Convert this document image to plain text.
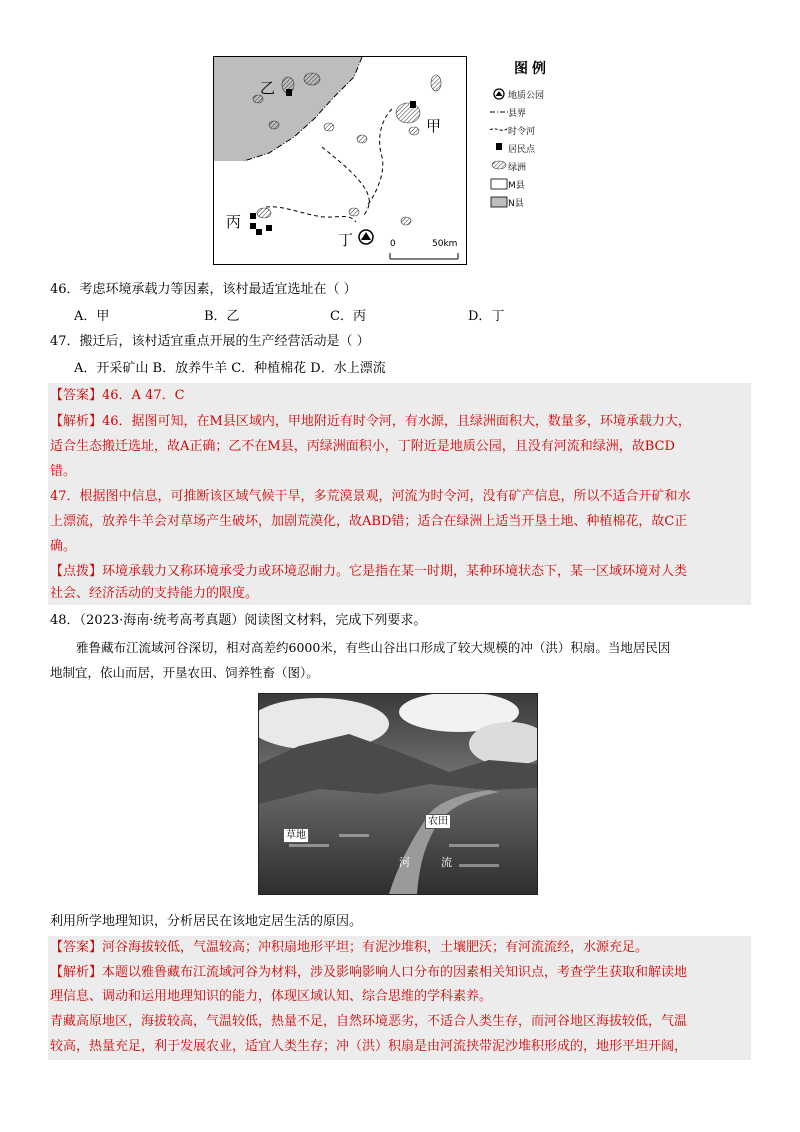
乙
甲
丙
丁	0	50km
图例
地质公园
县界
时令河
居民点
绿洲
M县
N县
46．考虑环境承载力等因素，该村最适宜选址在（ ）
A．甲	B．乙	C．丙	D．丁
47．搬迁后，该村适宜重点开展的生产经营活动是（ ）
A．开采矿山 B．放养牛羊 C．种植棉花 D．水上漂流
【答案】46．A 47．C
【解析】46．据图可知，在M县区域内，甲地附近有时令河，有水源，且绿洲面积大，数量多，环境承载力大，
适合生态搬迁选址，故A正确；乙不在M县，丙绿洲面积小，丁附近是地质公园，且没有河流和绿洲，故BCD
错。
47．根据图中信息，可推断该区域气候干旱，多荒漠景观，河流为时令河，没有矿产信息，所以不适合开矿和水
上漂流，放养牛羊会对草场产生破坏，加剧荒漠化，故ABD错；适合在绿洲上适当开垦土地、种植棉花，故C正
确。
【点拨】环境承载力又称环境承受力或环境忍耐力。它是指在某一时期，某种环境状态下，某一区域环境对人类
社会、经济活动的支持能力的限度。
48．（2023·海南·统考高考真题）阅读图文材料，完成下列要求。
雅鲁藏布江流域河谷深切，相对高差约6000米，有些山谷出口形成了较大规模的冲（洪）积扇。当地居民因
地制宜，依山而居，开垦农田、饲养牲畜（图）。
农田
草地
河	流
利用所学地理知识，分析居民在该地定居生活的原因。
【答案】河谷海拔较低，气温较高；冲积扇地形平坦；有泥沙堆积，土壤肥沃；有河流流经，水源充足。
【解析】本题以雅鲁藏布江流域河谷为材料，涉及影响影响人口分布的因素相关知识点，考查学生获取和解读地
理信息、调动和运用地理知识的能力，体现区域认知、综合思维的学科素养。
青藏高原地区，海拔较高，气温较低，热量不足，自然环境恶劣，不适合人类生存，而河谷地区海拔较低，气温
较高，热量充足，利于发展农业，适宜人类生存；冲（洪）积扇是由河流挟带泥沙堆积形成的，地形平坦开阔，
